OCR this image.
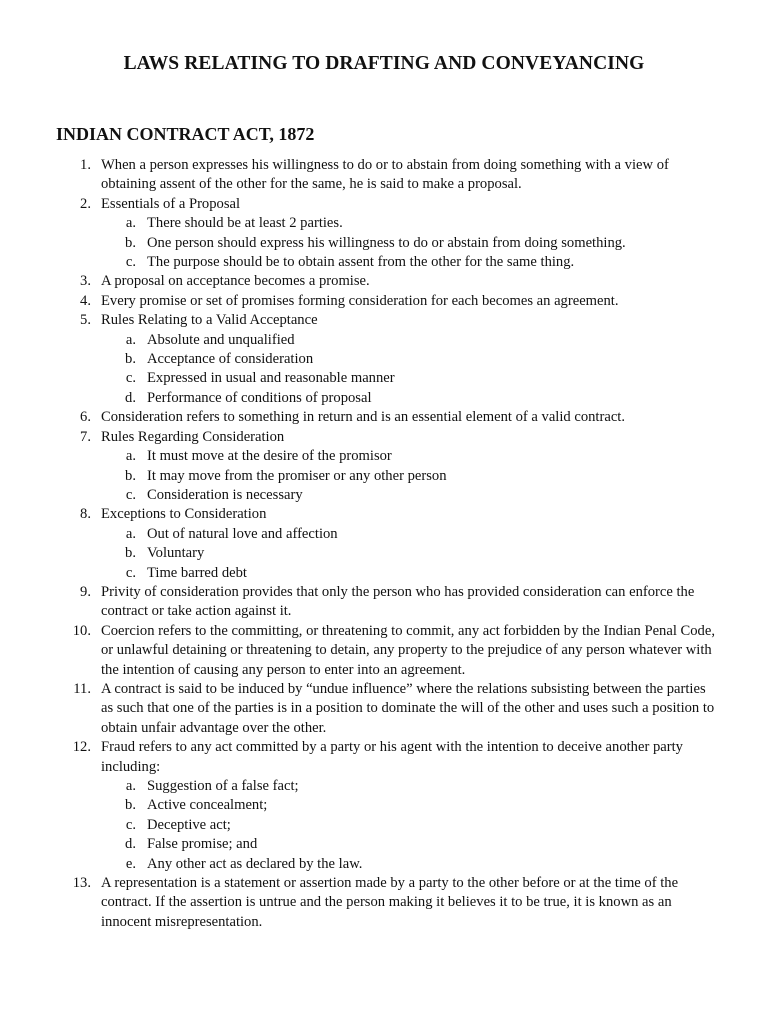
LAWS RELATING TO DRAFTING AND CONVEYANCING
INDIAN CONTRACT ACT, 1872
1. When a person expresses his willingness to do or to abstain from doing something with a view of obtaining assent of the other for the same, he is said to make a proposal.
2. Essentials of a Proposal
a. There should be at least 2 parties.
b. One person should express his willingness to do or abstain from doing something.
c. The purpose should be to obtain assent from the other for the same thing.
3. A proposal on acceptance becomes a promise.
4. Every promise or set of promises forming consideration for each becomes an agreement.
5. Rules Relating to a Valid Acceptance
a. Absolute and unqualified
b. Acceptance of consideration
c. Expressed in usual and reasonable manner
d. Performance of conditions of proposal
6. Consideration refers to something in return and is an essential element of a valid contract.
7. Rules Regarding Consideration
a. It must move at the desire of the promisor
b. It may move from the promiser or any other person
c. Consideration is necessary
8. Exceptions to Consideration
a. Out of natural love and affection
b. Voluntary
c. Time barred debt
9. Privity of consideration provides that only the person who has provided consideration can enforce the contract or take action against it.
10. Coercion refers to the committing, or threatening to commit, any act forbidden by the Indian Penal Code, or unlawful detaining or threatening to detain, any property to the prejudice of any person whatever with the intention of causing any person to enter into an agreement.
11. A contract is said to be induced by “undue influence” where the relations subsisting between the parties as such that one of the parties is in a position to dominate the will of the other and uses such a position to obtain unfair advantage over the other.
12. Fraud refers to any act committed by a party or his agent with the intention to deceive another party including:
a. Suggestion of a false fact;
b. Active concealment;
c. Deceptive act;
d. False promise; and
e. Any other act as declared by the law.
13. A representation is a statement or assertion made by a party to the other before or at the time of the contract. If the assertion is untrue and the person making it believes it to be true, it is known as an innocent misrepresentation.
